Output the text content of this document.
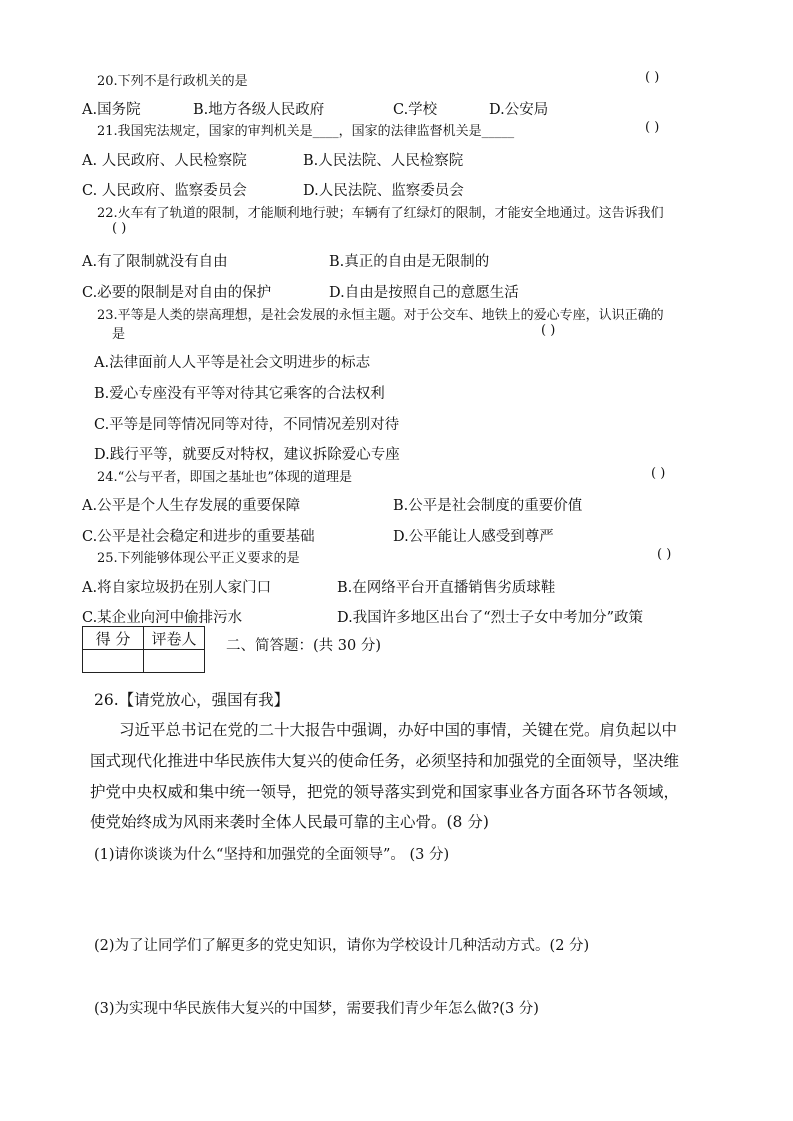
20.下列不是行政机关的是	( )
A.国务院	B.地方各级人民政府	C.学校	D.公安局
21.我国宪法规定，国家的审判机关是____，国家的法律监督机关是_____	( )
A. 人民政府、人民检察院	B.人民法院、人民检察院
C. 人民政府、监察委员会	D.人民法院、监察委员会
22.火车有了轨道的限制，才能顺利地行驶；车辆有了红绿灯的限制，才能安全地通过。这告诉我们
( )
A.有了限制就没有自由	B.真正的自由是无限制的
C.必要的限制是对自由的保护	D.自由是按照自己的意愿生活
23.平等是人类的崇高理想，是社会发展的永恒主题。对于公交车、地铁上的爱心专座，认识正确的
是	( )
A.法律面前人人平等是社会文明进步的标志
B.爱心专座没有平等对待其它乘客的合法权利
C.平等是同等情况同等对待，不同情况差别对待
D.践行平等，就要反对特权，建议拆除爱心专座
24.“公与平者，即国之基址也”体现的道理是	( )
A.公平是个人生存发展的重要保障	B.公平是社会制度的重要价值
C.公平是社会稳定和进步的重要基础	D.公平能让人感受到尊严
25.下列能够体现公平正义要求的是	( )
A.将自家垃圾扔在别人家门口	B.在网络平台开直播销售劣质球鞋
C.某企业向河中偷排污水	D.我国许多地区出台了“烈士子女中考加分”政策
得 分	评卷人
	二、简答题：(共 30 分)
26.【请党放心，强国有我】
习近平总书记在党的二十大报告中强调，办好中国的事情，关键在党。肩负起以中
国式现代化推进中华民族伟大复兴的使命任务，必须坚持和加强党的全面领导，坚决维
护党中央权威和集中统一领导，把党的领导落实到党和国家事业各方面各环节各领域，
使党始终成为风雨来袭时全体人民最可靠的主心骨。(8 分)
(1)请你谈谈为什么“坚持和加强党的全面领导”。 (3 分)
(2)为了让同学们了解更多的党史知识，请你为学校设计几种活动方式。(2 分)
(3)为实现中华民族伟大复兴的中国梦，需要我们青少年怎么做?(3 分)
